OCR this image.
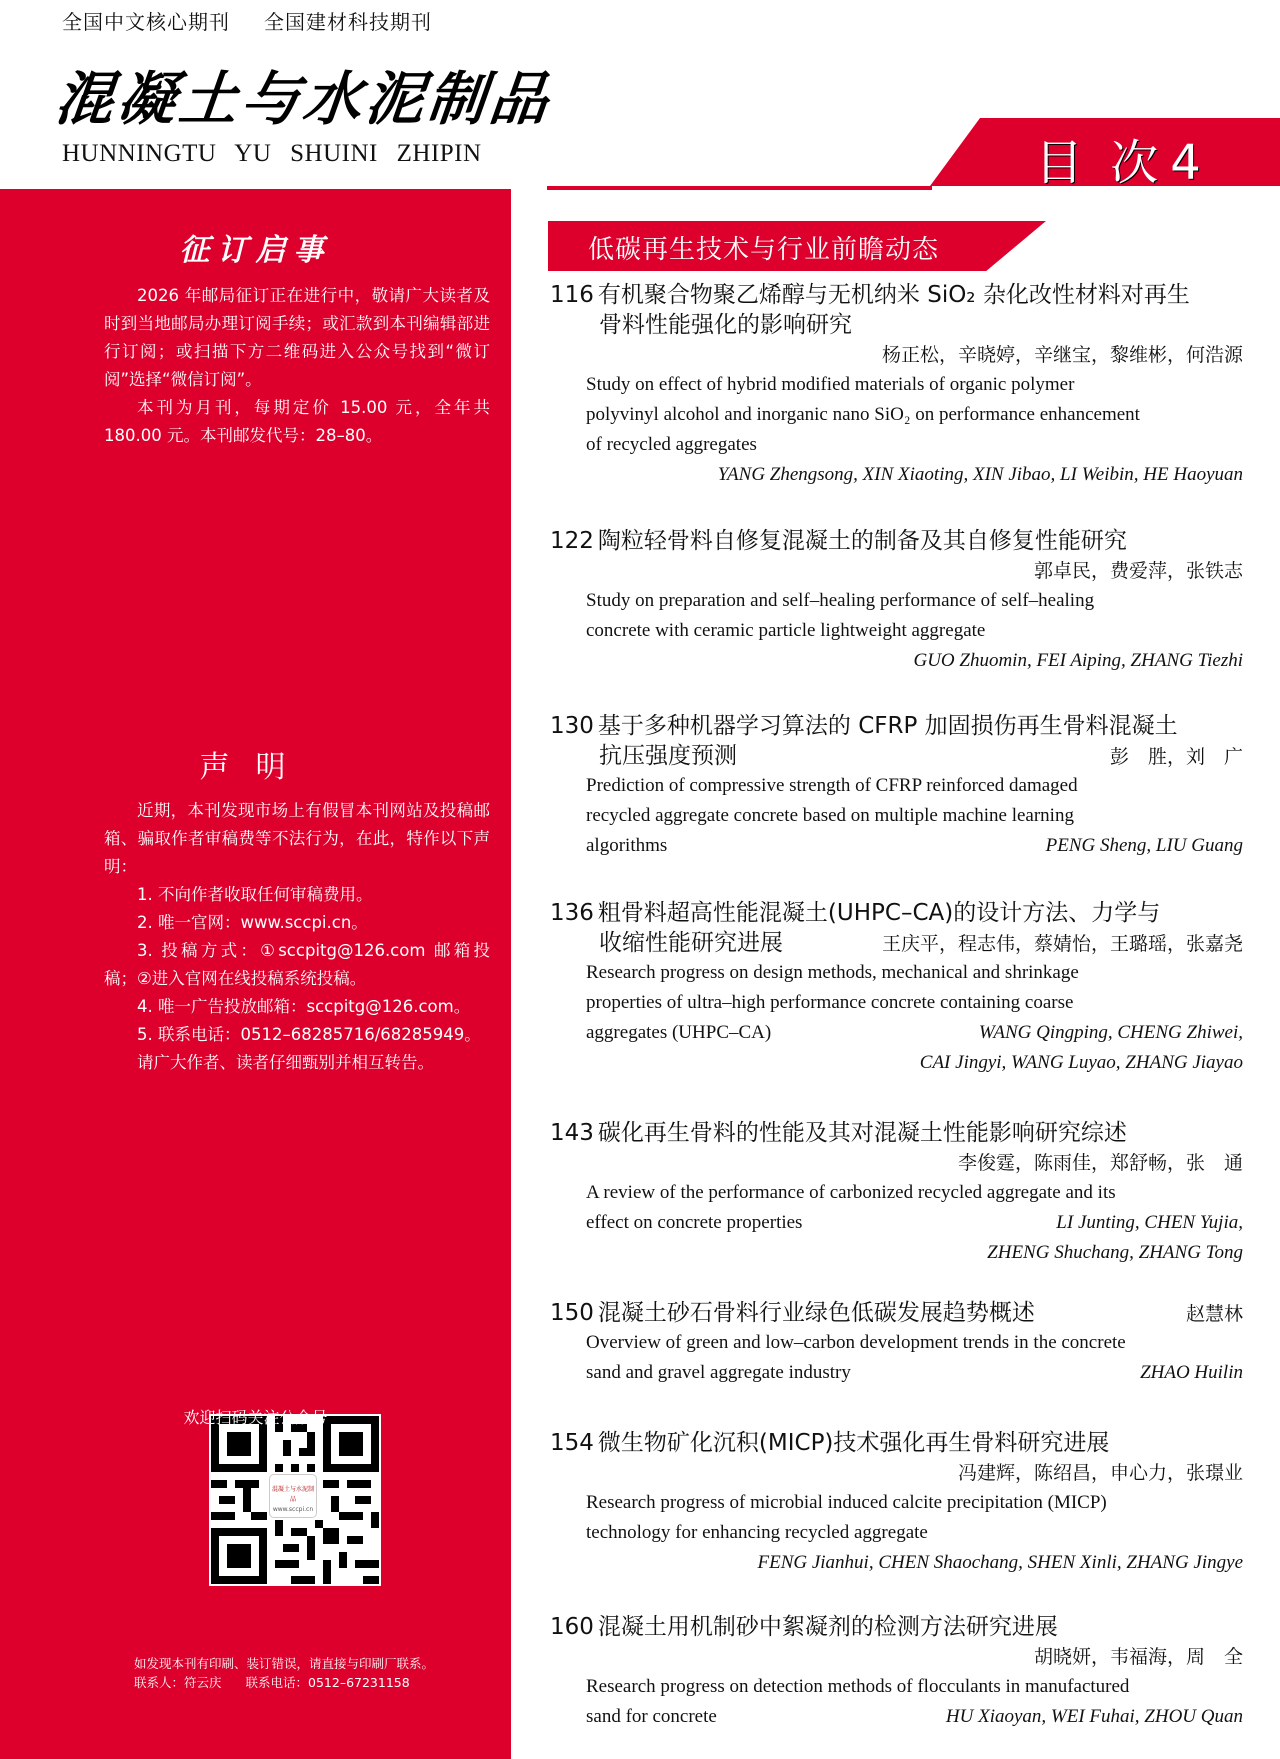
全国中文核心期刊 全国建材科技期刊
混凝土与水泥制品
HUNNINGTU YU SHUINI ZHIPIN	目 次 4
低碳再生技术与行业前瞻动态
征订启事

2026 年邮局征订正在进行中，敬请广大读者及时到当地邮局办理订阅手续；或汇款到本刊编辑部进行订阅；或扫描下方二维码进入公众号找到“微订阅”选择“微信订阅”。

本刊为月刊，每期定价 15.00 元，全年共 180.00 元。本刊邮发代号：28–80。

声明

近期，本刊发现市场上有假冒本刊网站及投稿邮箱、骗取作者审稿费等不法行为，在此，特作以下声明：

1. 不向作者收取任何审稿费用。

2. 唯一官网：www.sccpi.cn。

3. 投稿方式：①sccpitg@126.com 邮箱投稿；②进入官网在线投稿系统投稿。

4. 唯一广告投放邮箱：sccpitg@126.com。

5. 联系电话：0512–68285716/68285949。

请广大作者、读者仔细甄别并相互转告。

混凝土与水泥制品
www.sccpi.cn
欢迎扫码关注公众号
如发现本刊有印刷、装订错误，请直接与印刷厂联系。
联系人：符云庆 联系电话：0512–67231158
116 有机聚合物聚乙烯醇与无机纳米 SiO₂ 杂化改性材料对再生
骨料性能强化的影响研究
杨正松，辛晓婷，辛继宝，黎维彬，何浩源
Study on effect of hybrid modified materials of organic polymer
polyvinyl alcohol and inorganic nano SiO₂ on performance enhancement
of recycled aggregates
YANG Zhengsong, XIN Xiaoting, XIN Jibao, LI Weibin, HE Haoyuan
122 陶粒轻骨料自修复混凝土的制备及其自修复性能研究
郭卓民，费爱萍，张铁志
Study on preparation and self–healing performance of self–healing
concrete with ceramic particle lightweight aggregate
GUO Zhuomin, FEI Aiping, ZHANG Tiezhi
130 基于多种机器学习算法的 CFRP 加固损伤再生骨料混凝土
抗压强度预测	彭　胜，刘　广
Prediction of compressive strength of CFRP reinforced damaged
recycled aggregate concrete based on multiple machine learning
algorithms	PENG Sheng, LIU Guang
136 粗骨料超高性能混凝土(UHPC–CA)的设计方法、力学与
收缩性能研究进展	王庆平，程志伟，蔡婧怡，王璐瑶，张嘉尧
Research progress on design methods, mechanical and shrinkage
properties of ultra–high performance concrete containing coarse
aggregates (UHPC–CA)	WANG Qingping, CHENG Zhiwei,
CAI Jingyi, WANG Luyao, ZHANG Jiayao
143 碳化再生骨料的性能及其对混凝土性能影响研究综述
李俊霆，陈雨佳，郑舒畅，张　通
A review of the performance of carbonized recycled aggregate and its
effect on concrete properties	LI Junting, CHEN Yujia,
ZHENG Shuchang, ZHANG Tong
150 混凝土砂石骨料行业绿色低碳发展趋势概述	赵慧林
Overview of green and low–carbon development trends in the concrete
sand and gravel aggregate industry	ZHAO Huilin
154 微生物矿化沉积(MICP)技术强化再生骨料研究进展
冯建辉，陈绍昌，申心力，张璟业
Research progress of microbial induced calcite precipitation (MICP)
technology for enhancing recycled aggregate
FENG Jianhui, CHEN Shaochang, SHEN Xinli, ZHANG Jingye
160 混凝土用机制砂中絮凝剂的检测方法研究进展
胡晓妍，韦福海，周　全
Research progress on detection methods of flocculants in manufactured
sand for concrete	HU Xiaoyan, WEI Fuhai, ZHOU Quan
